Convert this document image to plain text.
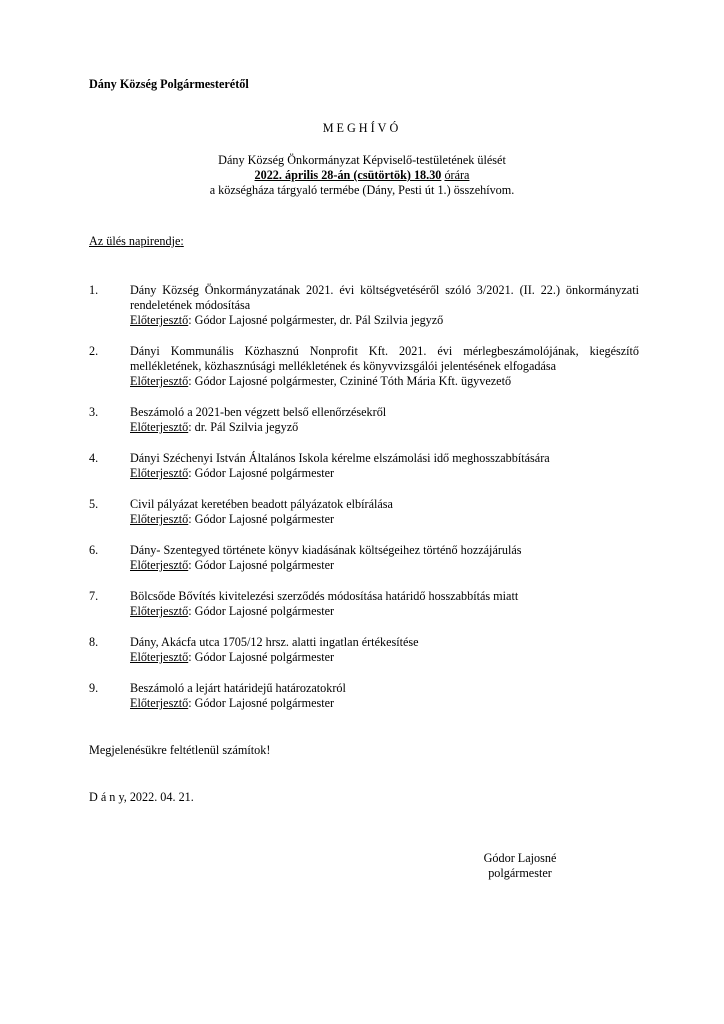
Dány Község Polgármesterétől
MEGHÍVÓ
Dány Község Önkormányzat Képviselő-testületének ülését
2022. április 28-án (csütörtök) 18.30 órára
a községháza tárgyaló termébe (Dány, Pesti út 1.) összehívom.
Az ülés napirendje:
1.	Dány Község Önkormányzatának 2021. évi költségvetéséről szóló 3/2021. (II. 22.) önkormányzati rendeletének módosítása
Előterjesztő: Gódor Lajosné polgármester, dr. Pál Szilvia jegyző
2.	Dányi Kommunális Közhasznú Nonprofit Kft. 2021. évi mérlegbeszámolójának, kiegészítő mellékletének, közhasznúsági mellékletének és könyvvizsgálói jelentésének elfogadása
Előterjesztő: Gódor Lajosné polgármester, Czininé Tóth Mária Kft. ügyvezető
3.	Beszámoló a 2021-ben végzett belső ellenőrzésekről
Előterjesztő: dr. Pál Szilvia jegyző
4.	Dányi Széchenyi István Általános Iskola kérelme elszámolási idő meghosszabbítására
Előterjesztő: Gódor Lajosné polgármester
5.	Civil pályázat keretében beadott pályázatok elbírálása
Előterjesztő: Gódor Lajosné polgármester
6.	Dány- Szentegyed története könyv kiadásának költségeihez történő hozzájárulás
Előterjesztő: Gódor Lajosné polgármester
7.	Bölcsőde Bővítés kivitelezési szerződés módosítása határidő hosszabbítás miatt
Előterjesztő: Gódor Lajosné polgármester
8.	Dány, Akácfa utca 1705/12 hrsz. alatti ingatlan értékesítése
Előterjesztő: Gódor Lajosné polgármester
9.	Beszámoló a lejárt határidejű határozatokról
Előterjesztő: Gódor Lajosné polgármester
Megjelenésükre feltétlenül számítok!
D á n y, 2022. 04. 21.
Gódor Lajosné
polgármester
